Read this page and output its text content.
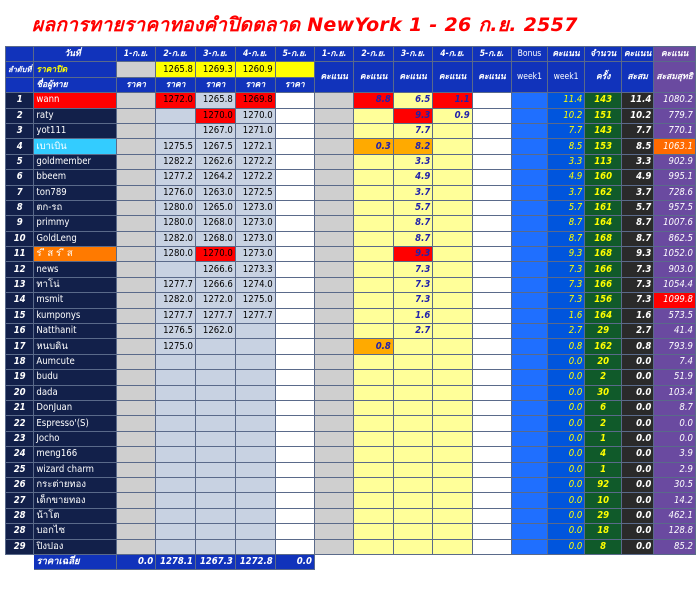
ผลการทายราคาทองคำปิดตลาด NewYork 1 - 26 ก.ย. 2557
	วันที่	1-ก.ย.	2-ก.ย.	3-ก.ย.	4-ก.ย.	5-ก.ย.	1-ก.ย.	2-ก.ย.	3-ก.ย.	4-ก.ย.	5-ก.ย.	Bonus	คะแนน	จำนวน	คะแนน	คะแนน
ลำดับที่	ราคาปิด		1265.8	1269.3	1260.9		คะแนน	คะแนน	คะแนน	คะแนน	คะแนน	week1	week1	ครั้ง	สะสม	สะสมสุทธิ
	ชื่อผู้ทาย	ราคา	ราคา	ราคา	ราคา	ราคา										
1	wann		1272.0	1265.8	1269.8			8.8	6.5	1.1			11.4	143	11.4	1080.2
2	raty			1270.0	1270.0				9.3	0.9			10.2	151	10.2	779.7
3	yot111			1267.0	1271.0				7.7				7.7	143	7.7	770.1
4	เบาเบิน		1275.5	1267.5	1272.1			0.3	8.2				8.5	153	8.5	1063.1
5	goldmember		1282.2	1262.6	1272.2				3.3				3.3	113	3.3	902.9
6	bbeem		1277.2	1264.2	1272.2				4.9				4.9	160	4.9	995.1
7	ton789		1276.0	1263.0	1272.5				3.7				3.7	162	3.7	728.6
8	ตก-รถ		1280.0	1265.0	1273.0				5.7				5.7	161	5.7	957.5
9	primmy		1280.0	1268.0	1273.0				8.7				8.7	164	8.7	1007.6
10	GoldLeng		1282.0	1268.0	1273.0				8.7				8.7	168	8.7	862.5
11	ร ี ส ร ี ส		1280.0	1270.0	1273.0				9.3				9.3	168	9.3	1052.0
12	news			1266.6	1273.3				7.3				7.3	166	7.3	903.0
13	ทาโน่		1277.7	1266.6	1274.0				7.3				7.3	166	7.3	1054.4
14	msmit		1282.0	1272.0	1275.0				7.3				7.3	156	7.3	1099.8
15	kumponys		1277.7	1277.7	1277.7				1.6				1.6	164	1.6	573.5
16	Natthanit		1276.5	1262.0					2.7				2.7	29	2.7	41.4
17	หนบดิน		1275.0					0.8					0.8	162	0.8	793.9
18	Aumcute												0.0	20	0.0	7.4
19	budu												0.0	2	0.0	51.9
20	dada												0.0	30	0.0	103.4
21	DonJuan												0.0	6	0.0	8.7
22	Espresso'(S)												0.0	2	0.0	0.0
23	Jocho												0.0	1	0.0	0.0
24	meng166												0.0	4	0.0	3.9
25	wizard charm												0.0	1	0.0	2.9
26	กระต่ายทอง												0.0	92	0.0	30.5
27	เด็กขายทอง												0.0	10	0.0	14.2
28	น้าโต												0.0	29	0.0	462.1
28	บอกไซ												0.0	18	0.0	128.8
29	ปิงปอง												0.0	8	0.0	85.2
	ราคาเฉลี่ย	0.0	1278.1	1267.3	1272.8	0.0										
